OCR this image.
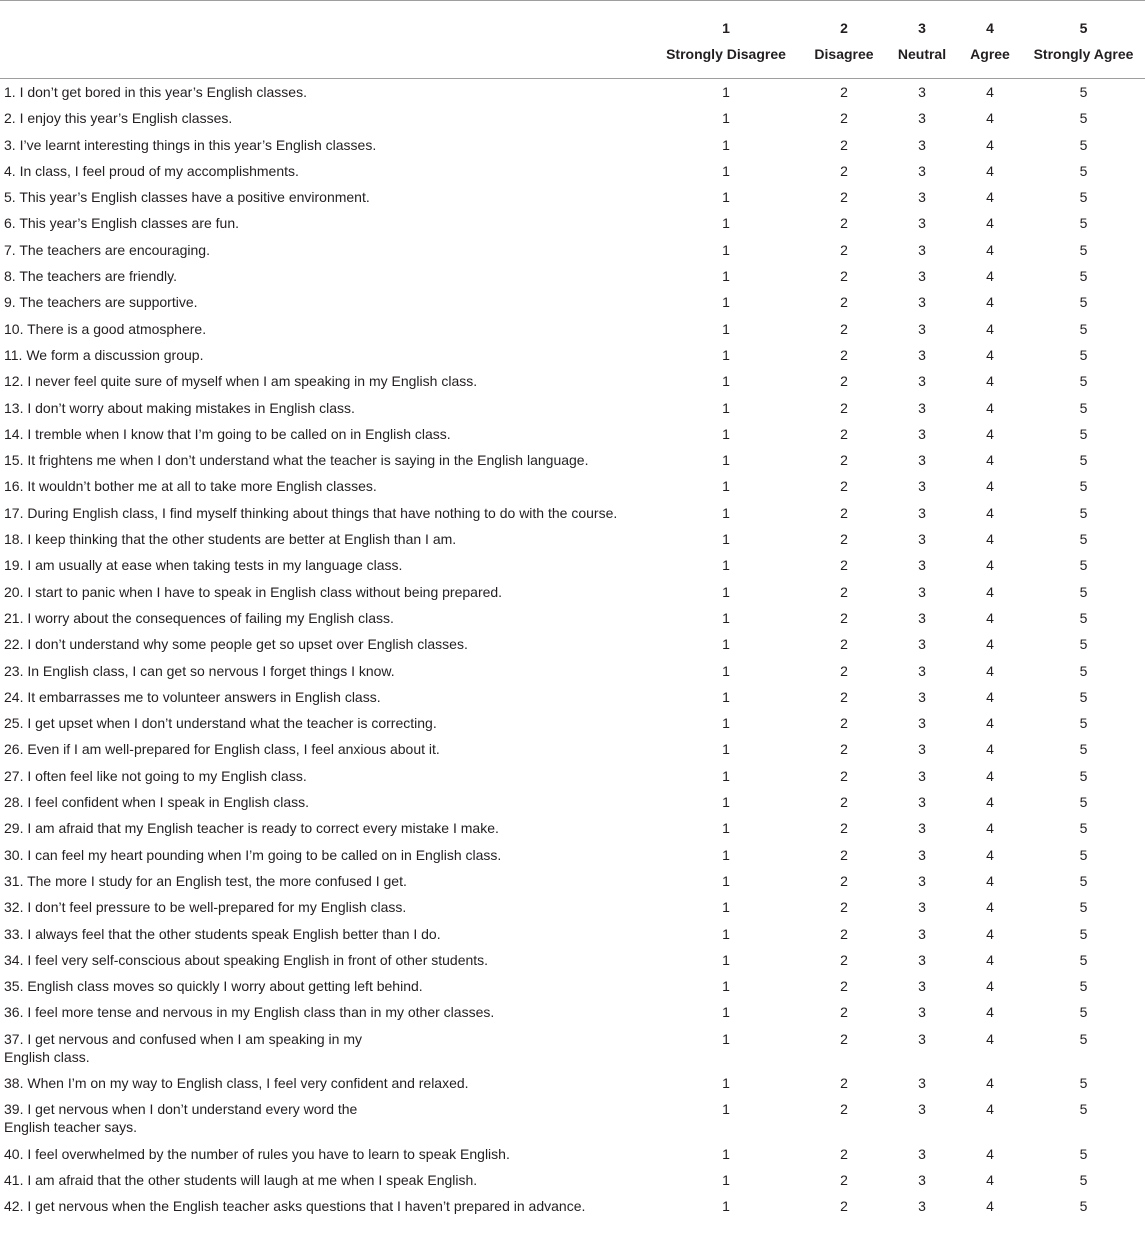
	1	2	3	4	5
	Strongly Disagree	Disagree	Neutral	Agree	Strongly Agree
1. I don’t get bored in this year’s English classes.	1	2	3	4	5
2. I enjoy this year’s English classes.	1	2	3	4	5
3. I’ve learnt interesting things in this year’s English classes.	1	2	3	4	5
4. In class, I feel proud of my accomplishments.	1	2	3	4	5
5. This year’s English classes have a positive environment.	1	2	3	4	5
6. This year’s English classes are fun.	1	2	3	4	5
7. The teachers are encouraging.	1	2	3	4	5
8. The teachers are friendly.	1	2	3	4	5
9. The teachers are supportive.	1	2	3	4	5
10. There is a good atmosphere.	1	2	3	4	5
11. We form a discussion group.	1	2	3	4	5
12. I never feel quite sure of myself when I am speaking in my English class.	1	2	3	4	5
13. I don’t worry about making mistakes in English class.	1	2	3	4	5
14. I tremble when I know that I’m going to be called on in English class.	1	2	3	4	5
15. It frightens me when I don’t understand what the teacher is saying in the English language.	1	2	3	4	5
16. It wouldn’t bother me at all to take more English classes.	1	2	3	4	5
17. During English class, I find myself thinking about things that have nothing to do with the course.	1	2	3	4	5
18. I keep thinking that the other students are better at English than I am.	1	2	3	4	5
19. I am usually at ease when taking tests in my language class.	1	2	3	4	5
20. I start to panic when I have to speak in English class without being prepared.	1	2	3	4	5
21. I worry about the consequences of failing my English class.	1	2	3	4	5
22. I don’t understand why some people get so upset over English classes.	1	2	3	4	5
23. In English class, I can get so nervous I forget things I know.	1	2	3	4	5
24. It embarrasses me to volunteer answers in English class.	1	2	3	4	5
25. I get upset when I don’t understand what the teacher is correcting.	1	2	3	4	5
26. Even if I am well-prepared for English class, I feel anxious about it.	1	2	3	4	5
27. I often feel like not going to my English class.	1	2	3	4	5
28. I feel confident when I speak in English class.	1	2	3	4	5
29. I am afraid that my English teacher is ready to correct every mistake I make.	1	2	3	4	5
30. I can feel my heart pounding when I’m going to be called on in English class.	1	2	3	4	5
31. The more I study for an English test, the more confused I get.	1	2	3	4	5
32. I don’t feel pressure to be well-prepared for my English class.	1	2	3	4	5
33. I always feel that the other students speak English better than I do.	1	2	3	4	5
34. I feel very self-conscious about speaking English in front of other students.	1	2	3	4	5
35. English class moves so quickly I worry about getting left behind.	1	2	3	4	5
36. I feel more tense and nervous in my English class than in my other classes.	1	2	3	4	5
37. I get nervous and confused when I am speaking in my
English class.	1	2	3	4	5
38. When I’m on my way to English class, I feel very confident and relaxed.	1	2	3	4	5
39. I get nervous when I don’t understand every word the
English teacher says.	1	2	3	4	5
40. I feel overwhelmed by the number of rules you have to learn to speak English.	1	2	3	4	5
41. I am afraid that the other students will laugh at me when I speak English.	1	2	3	4	5
42. I get nervous when the English teacher asks questions that I haven’t prepared in advance.	1	2	3	4	5
